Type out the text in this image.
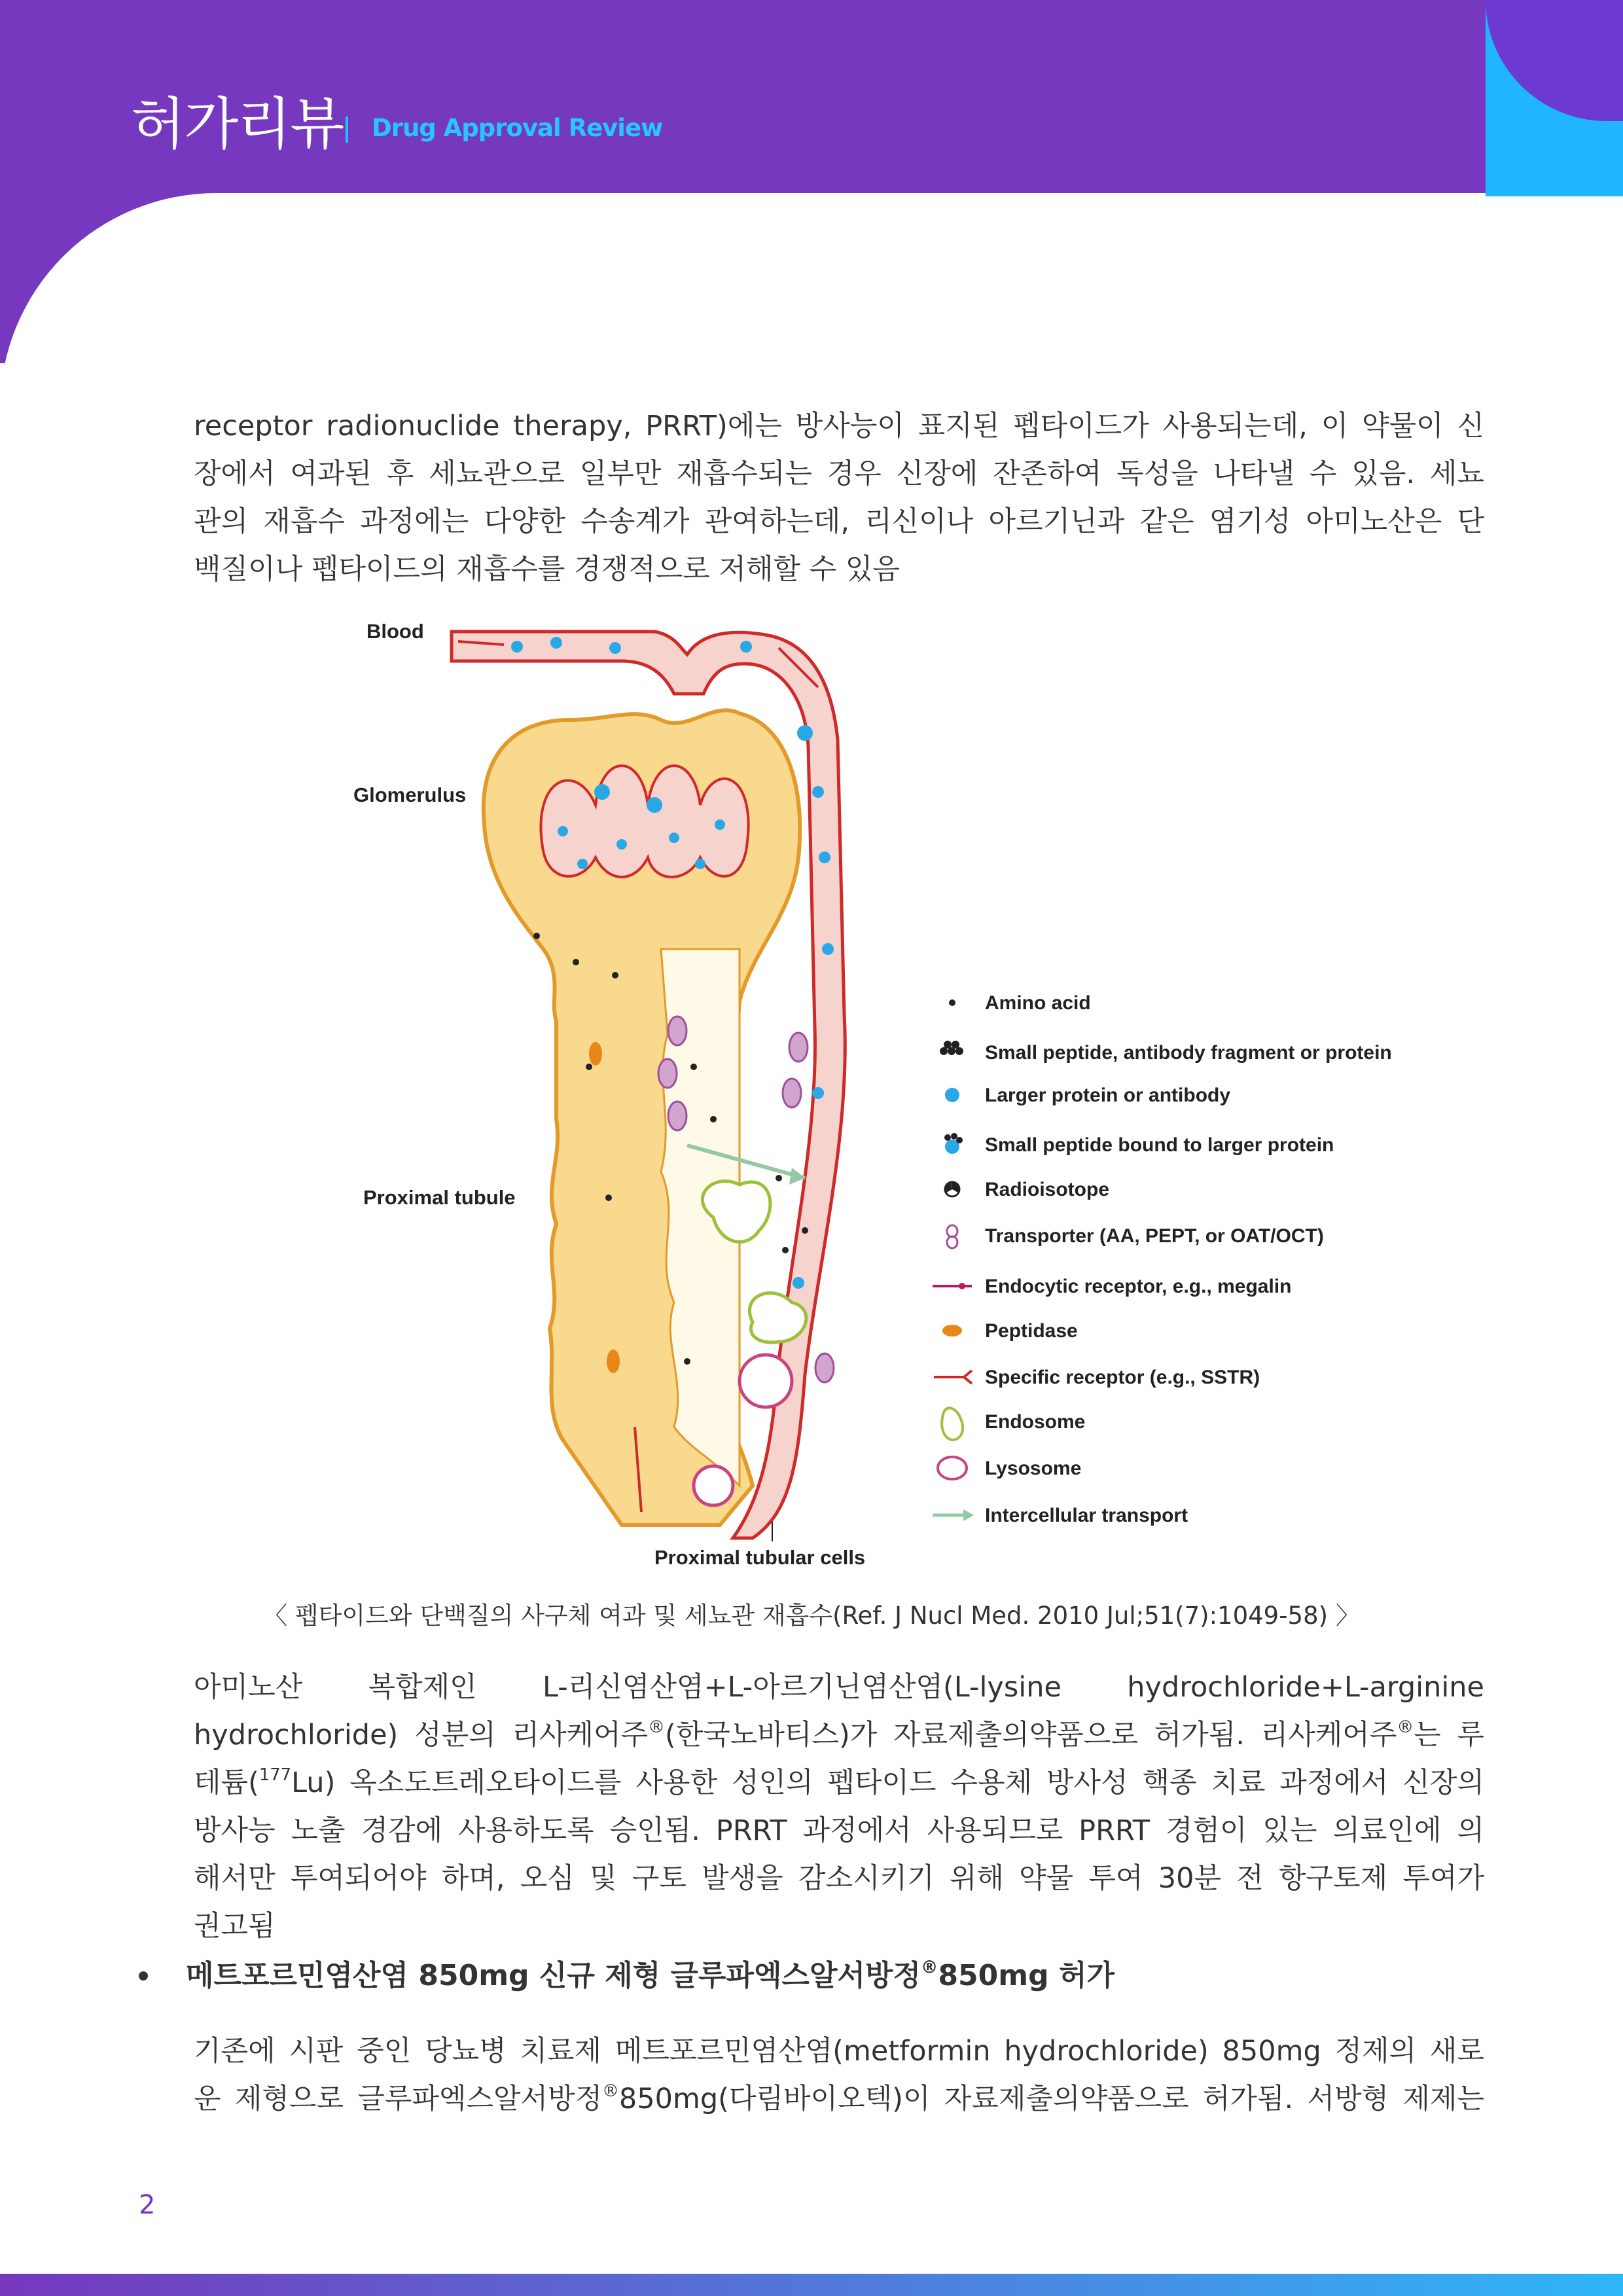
허가리뷰 Drug Approval Review
receptor radionuclide therapy, PRRT)에는 방사능이 표지된 펩타이드가 사용되는데, 이 약물이 신
장에서 여과된 후 세뇨관으로 일부만 재흡수되는 경우 신장에 잔존하여 독성을 나타낼 수 있음. 세뇨
관의 재흡수 과정에는 다양한 수송계가 관여하는데, 리신이나 아르기닌과 같은 염기성 아미노산은 단
백질이나 펩타이드의 재흡수를 경쟁적으로 저해할 수 있음
Blood
Glomerulus
Proximal tubule
Proximal tubular cells
Amino acid
Small peptide, antibody fragment or protein
Larger protein or antibody
Small peptide bound to larger protein
Radioisotope
Transporter (AA, PEPT, or OAT/OCT)
Endocytic receptor, e.g., megalin
Peptidase
Specific receptor (e.g., SSTR)
Endosome
Lysosome
Intercellular transport
〈 펩타이드와 단백질의 사구체 여과 및 세뇨관 재흡수(Ref. J Nucl Med. 2010 Jul;51(7):1049-58) 〉
아미노산 복합제인 L-리신염산염+L-아르기닌염산염(L-lysine hydrochloride+L-arginine
hydrochloride) 성분의 리사케어주®(한국노바티스)가 자료제출의약품으로 허가됨. 리사케어주®는 루
테튬($^{177}$Lu) 옥소도트레오타이드를 사용한 성인의 펩타이드 수용체 방사성 핵종 치료 과정에서 신장의
방사능 노출 경감에 사용하도록 승인됨. PRRT 과정에서 사용되므로 PRRT 경험이 있는 의료인에 의
해서만 투여되어야 하며, 오심 및 구토 발생을 감소시키기 위해 약물 투여 30분 전 항구토제 투여가
권고됨
메트포르민염산염 850mg 신규 제형 글루파엑스알서방정®850mg 허가
기존에 시판 중인 당뇨병 치료제 메트포르민염산염(metformin hydrochloride) 850mg 정제의 새로
운 제형으로 글루파엑스알서방정®850mg(다림바이오텍)이 자료제출의약품으로 허가됨. 서방형 제제는
2
